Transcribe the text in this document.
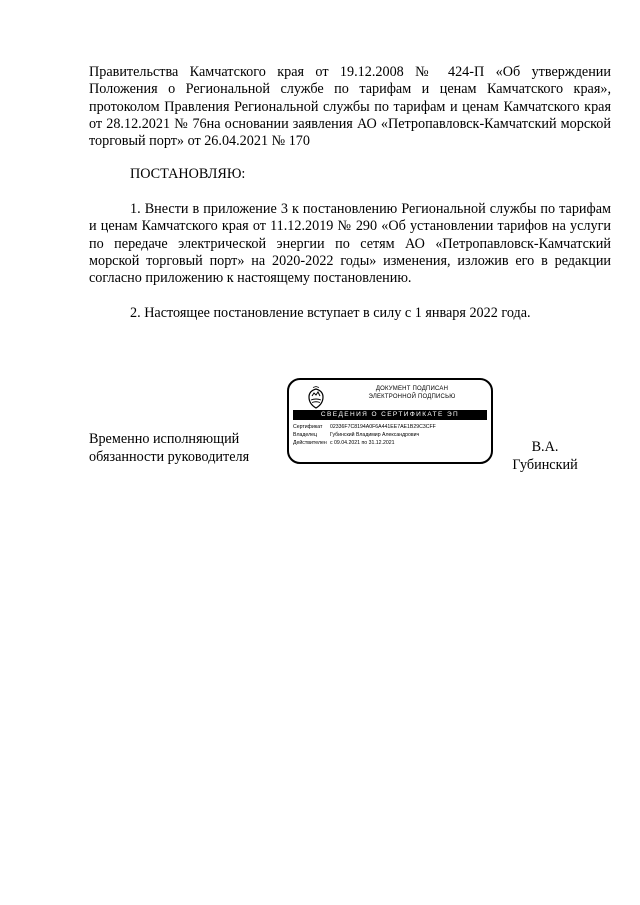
Правительства Камчатского края от 19.12.2008 № 424-П «Об утверждении Положения о Региональной службе по тарифам и ценам Камчатского края», протоколом Правления Региональной службы по тарифам и ценам Камчатского края от 28.12.2021 № 76на основании заявления АО «Петропавловск-Камчатский морской торговый порт» от 26.04.2021 № 170

ПОСТАНОВЛЯЮ:

1. Внести в приложение 3 к постановлению Региональной службы по тарифам и ценам Камчатского края от 11.12.2019 № 290 «Об установлении тарифов на услуги по передаче электрической энергии по сетям АО «Петропавловск-Камчатский морской торговый порт» на 2020-2022 годы» изменения, изложив его в редакции согласно приложению к настоящему постановлению.

2. Настоящее постановление вступает в силу с 1 января 2022 года.

Временно исполняющий
обязанности руководителя
ДОКУМЕНТ ПОДПИСАН
ЭЛЕКТРОННОЙ ПОДПИСЬЮ
СВЕДЕНИЯ О СЕРТИФИКАТЕ ЭП
Сертификат 02336F7C8194A0F6A441EE7AE1B29C3CFF
Владелец	Губинский Владимир Александрович
Действителен с 09.04.2021 по 31.12.2021	В.А.
Губинский
